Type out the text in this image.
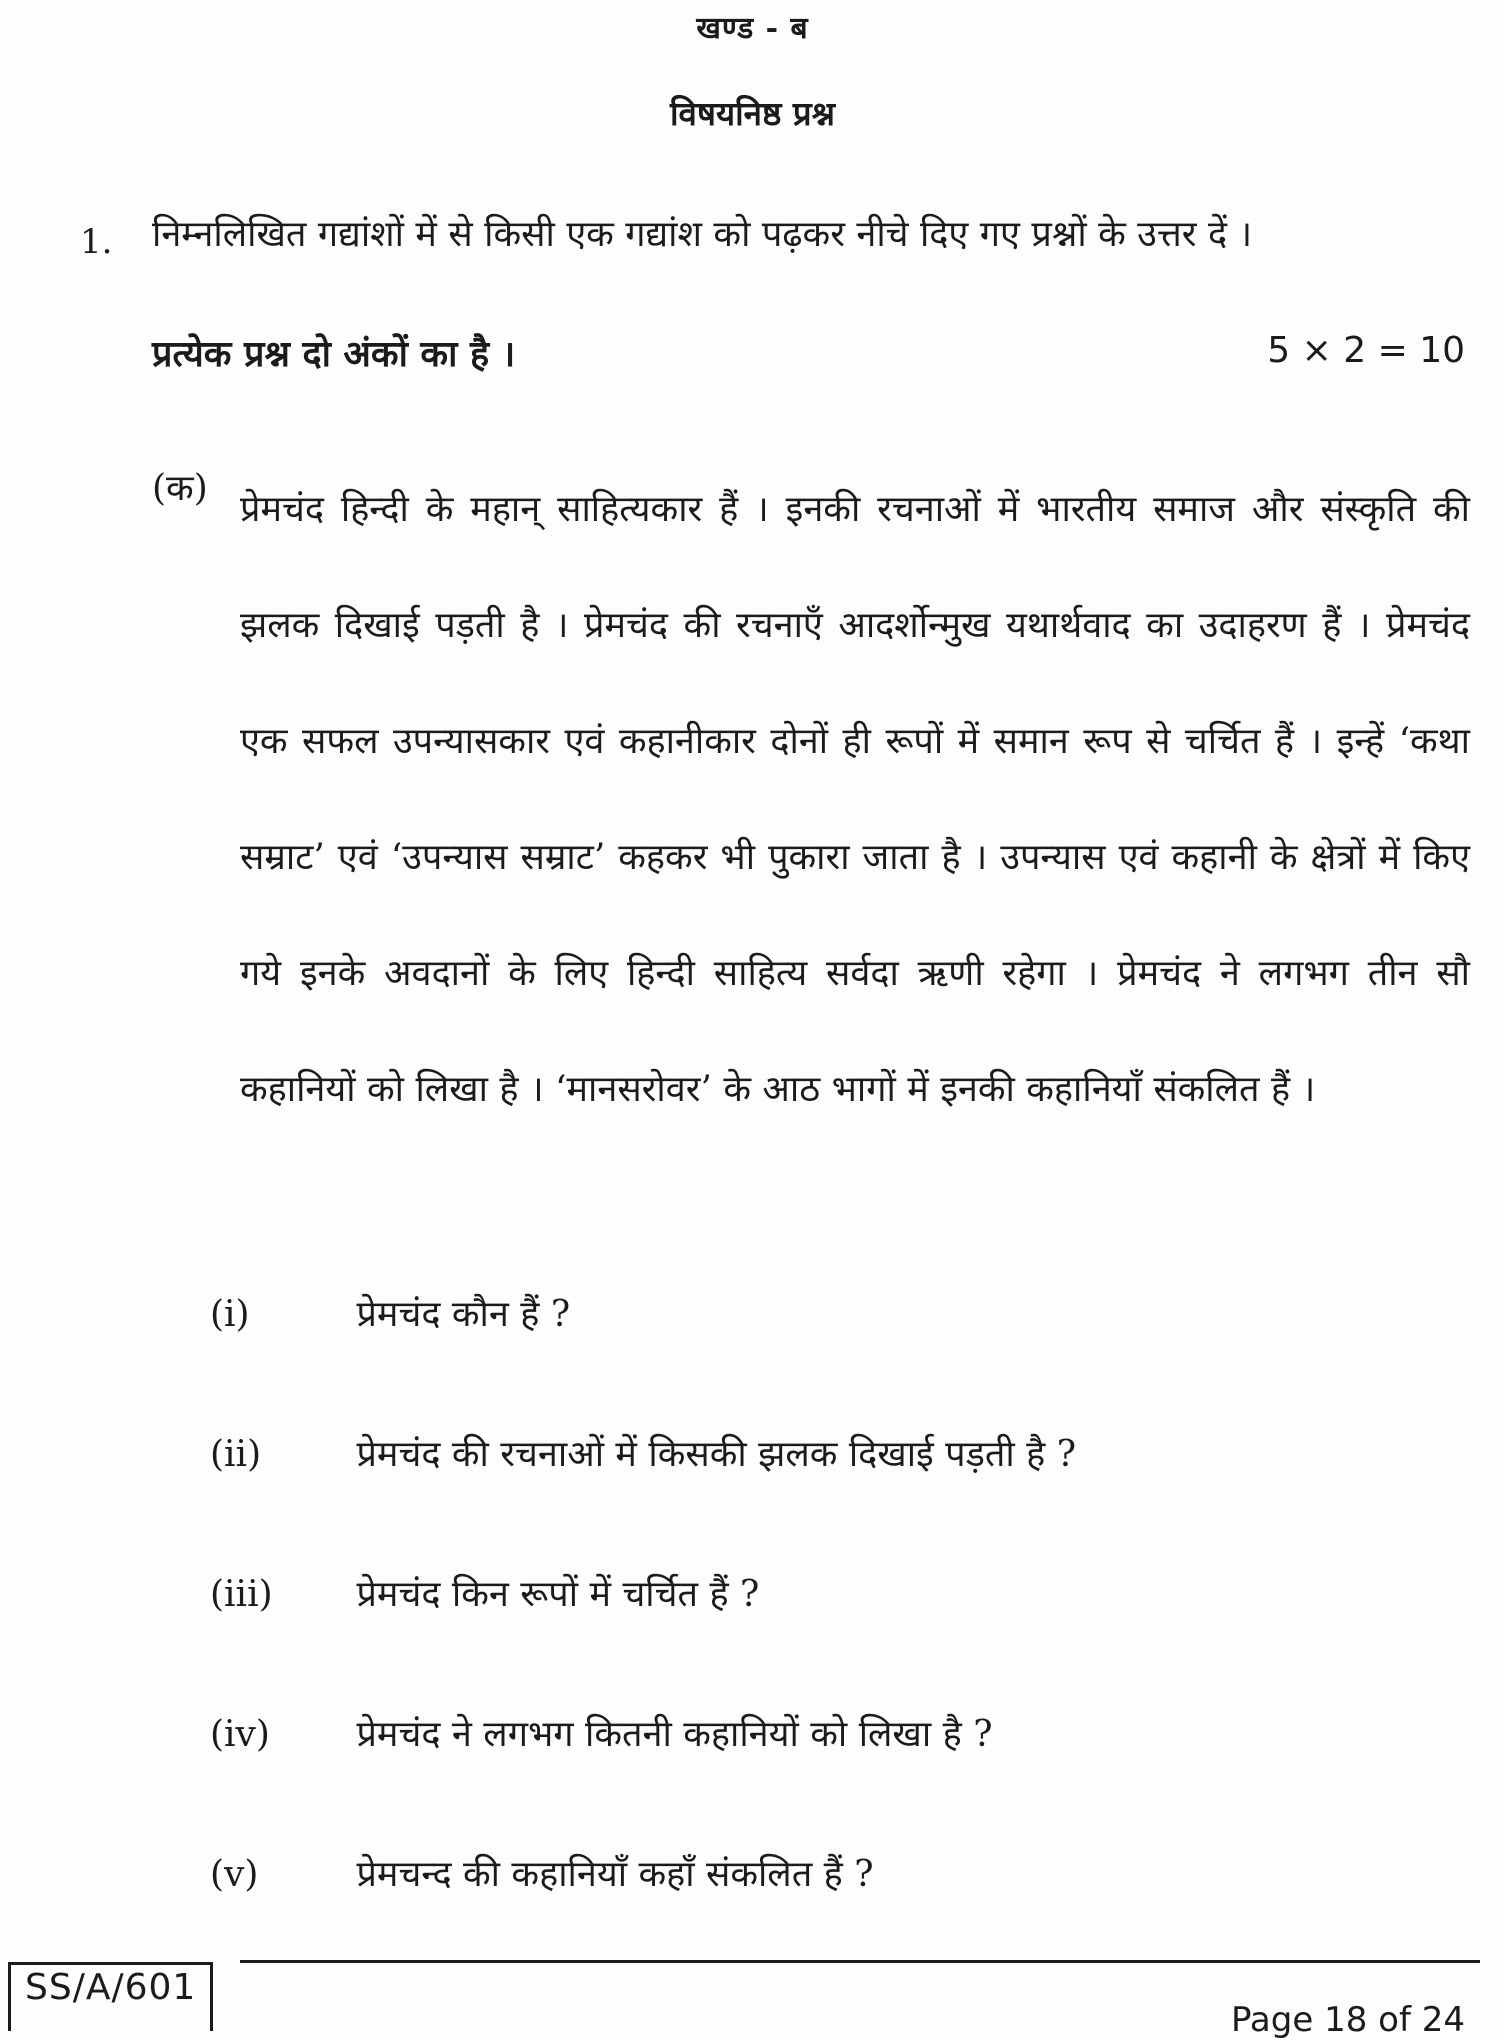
खण्ड - ब
विषयनिष्ठ प्रश्न
1. निम्नलिखित गद्यांशों में से किसी एक गद्यांश को पढ़कर नीचे दिए गए प्रश्नों के उत्तर दें ।
प्रत्येक प्रश्न दो अंकों का है ।	5 × 2 = 10
(क)
प्रेमचंद हिन्दी के महान् साहित्यकार हैं । इनकी रचनाओं में भारतीय समाज और संस्कृति की झलक दिखाई पड़ती है । प्रेमचंद की रचनाएँ आदर्शोन्मुख यथार्थवाद का उदाहरण हैं । प्रेमचंद एक सफल उपन्यासकार एवं कहानीकार दोनों ही रूपों में समान रूप से चर्चित हैं । इन्हें ‘कथा सम्राट’ एवं ‘उपन्यास सम्राट’ कहकर भी पुकारा जाता है । उपन्यास एवं कहानी के क्षेत्रों में किए गये इनके अवदानों के लिए हिन्दी साहित्य सर्वदा ऋणी रहेगा । प्रेमचंद ने लगभग तीन सौ कहानियों को लिखा है । ‘मानसरोवर’ के आठ भागों में इनकी कहानियाँ संकलित हैं ।
(i)	प्रेमचंद कौन हैं ?
(ii)	प्रेमचंद की रचनाओं में किसकी झलक दिखाई पड़ती है ?
(iii) प्रेमचंद किन रूपों में चर्चित हैं ?
(iv) प्रेमचंद ने लगभग कितनी कहानियों को लिखा है ?
(v)	प्रेमचन्द की कहानियाँ कहाँ संकलित हैं ?
SS/A/601
Page 18 of 24
